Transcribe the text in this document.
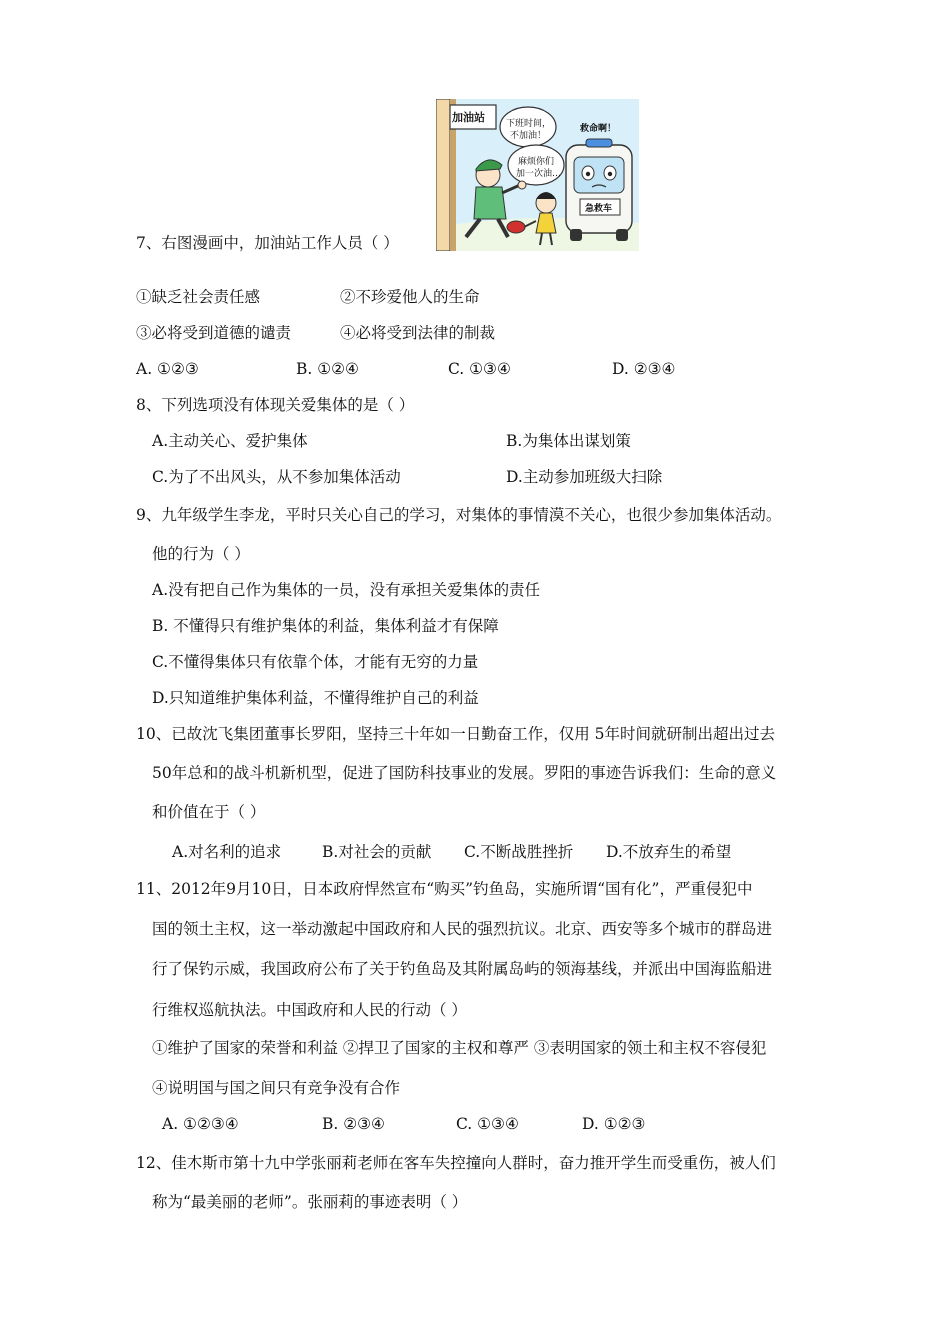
加油站 下班时间，
不加油！
麻烦你们
加一次油…
救命啊！
急救车
7、右图漫画中，加油站工作人员（ ）
①缺乏社会责任感	②不珍爱他人的生命
③必将受到道德的谴责	④必将受到法律的制裁
A. ①②③	B. ①②④	C. ①③④	D. ②③④
8、下列选项没有体现关爱集体的是（ ）
A.主动关心、爱护集体	B.为集体出谋划策
C.为了不出风头，从不参加集体活动	D.主动参加班级大扫除
9、九年级学生李龙，平时只关心自己的学习，对集体的事情漠不关心，也很少参加集体活动。
他的行为（ ）
A.没有把自己作为集体的一员，没有承担关爱集体的责任
B. 不懂得只有维护集体的利益，集体利益才有保障
C.不懂得集体只有依靠个体，才能有无穷的力量
D.只知道维护集体利益，不懂得维护自己的利益
10、已故沈飞集团董事长罗阳，坚持三十年如一日勤奋工作，仅用 5年时间就研制出超出过去
50年总和的战斗机新机型，促进了国防科技事业的发展。罗阳的事迹告诉我们：生命的意义
和价值在于（ ）
A.对名利的追求	B.对社会的贡献 C.不断战胜挫折 D.不放弃生的希望
11、2012年9月10日，日本政府悍然宣布“购买”钓鱼岛，实施所谓“国有化”，严重侵犯中
国的领土主权，这一举动激起中国政府和人民的强烈抗议。北京、西安等多个城市的群岛进
行了保钓示威，我国政府公布了关于钓鱼岛及其附属岛屿的领海基线，并派出中国海监船进
行维权巡航执法。中国政府和人民的行动（ ）
①维护了国家的荣誉和利益 ②捍卫了国家的主权和尊严 ③表明国家的领土和主权不容侵犯
④说明国与国之间只有竞争没有合作
A. ①②③④	B. ②③④	C. ①③④	D. ①②③
12、佳木斯市第十九中学张丽莉老师在客车失控撞向人群时，奋力推开学生而受重伤，被人们
称为“最美丽的老师”。张丽莉的事迹表明（ ）
